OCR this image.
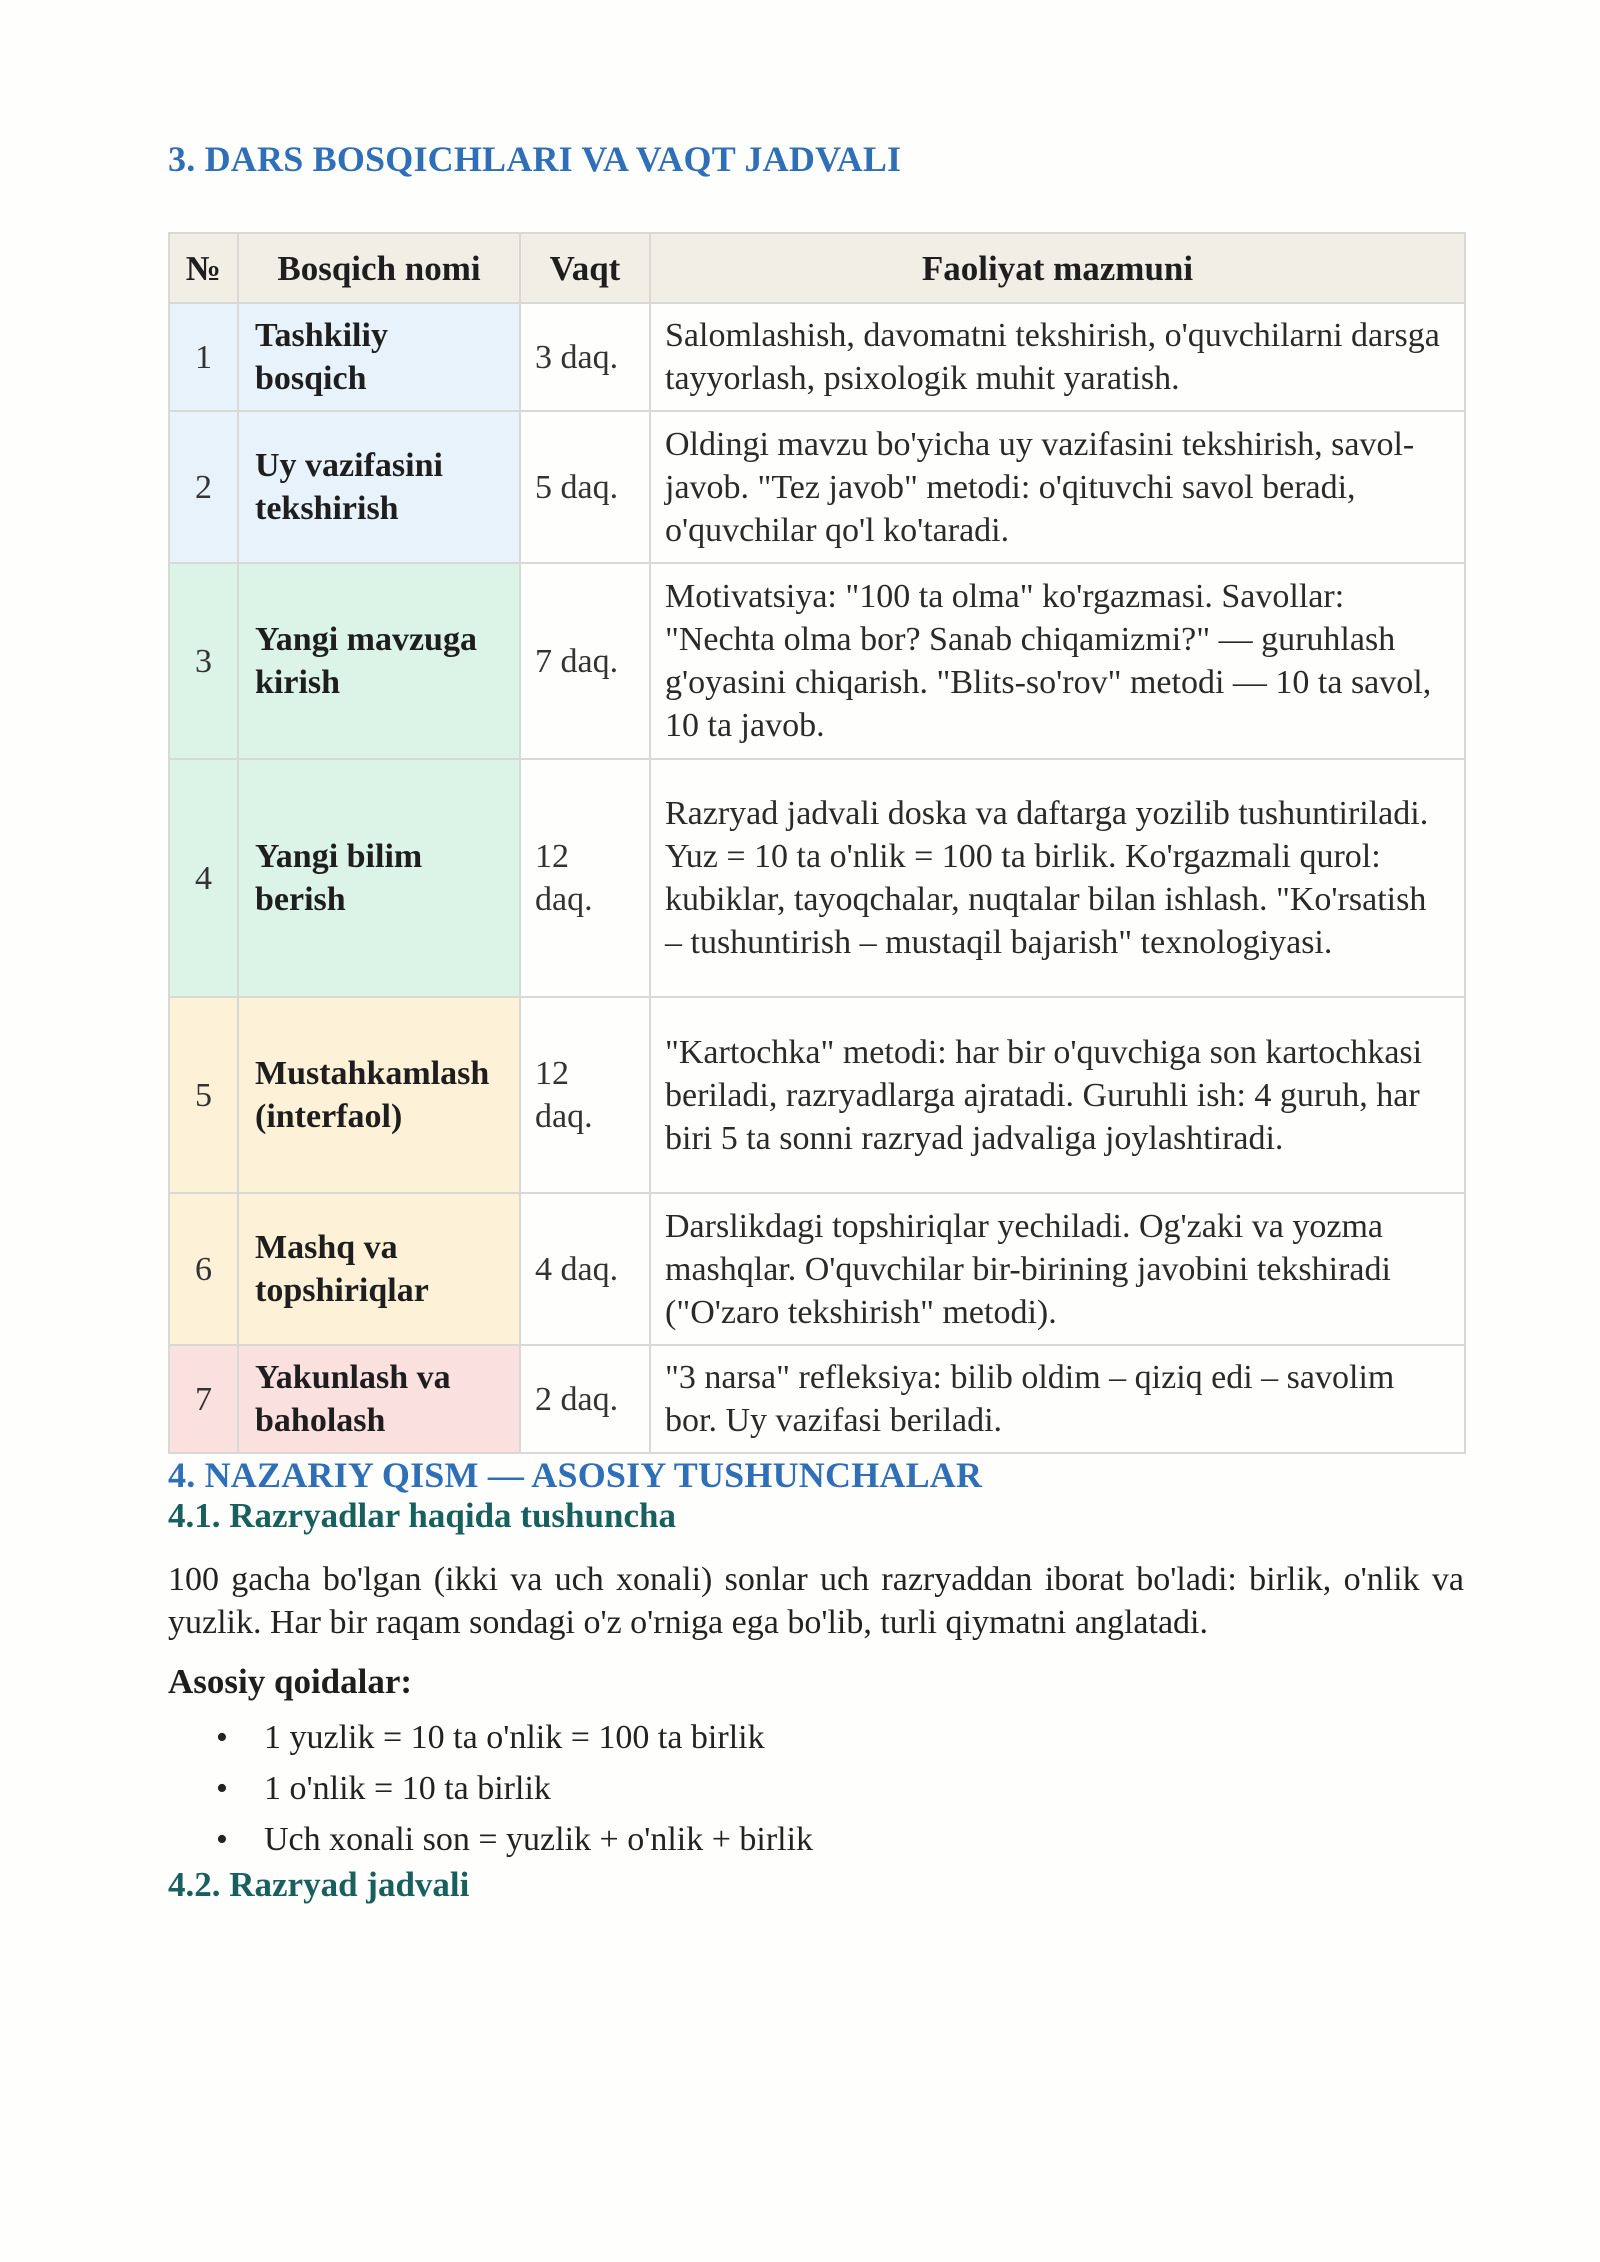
3. DARS BOSQICHLARI VA VAQT JADVALI
№	Bosqich nomi	Vaqt	Faoliyat mazmuni
1	Tashkiliy bosqich	3 daq.	Salomlashish, davomatni tekshirish, o'quvchilarni darsga tayyorlash, psixologik muhit yaratish.
2	Uy vazifasini tekshirish	5 daq.	Oldingi mavzu bo'yicha uy vazifasini tekshirish, savol-javob. "Tez javob" metodi: o'qituvchi savol beradi, o'quvchilar qo'l ko'taradi.
3	Yangi mavzuga kirish	7 daq.	Motivatsiya: "100 ta olma" ko'rgazmasi. Savollar: "Nechta olma bor? Sanab chiqamizmi?" — guruhlash g'oyasini chiqarish. "Blits-so'rov" metodi — 10 ta savol, 10 ta javob.
4	Yangi bilim berish	12 daq.	Razryad jadvali doska va daftarga yozilib tushuntiriladi. Yuz = 10 ta o'nlik = 100 ta birlik. Ko'rgazmali qurol: kubiklar, tayoqchalar, nuqtalar bilan ishlash. "Ko'rsatish – tushuntirish – mustaqil bajarish" texnologiyasi.
5	Mustahkamlash (interfaol)	12 daq.	"Kartochka" metodi: har bir o'quvchiga son kartochkasi beriladi, razryadlarga ajratadi. Guruhli ish: 4 guruh, har biri 5 ta sonni razryad jadvaliga joylashtiradi.
6	Mashq va topshiriqlar	4 daq.	Darslikdagi topshiriqlar yechiladi. Og'zaki va yozma mashqlar. O'quvchilar bir-birining javobini tekshiradi ("O'zaro tekshirish" metodi).
7	Yakunlash va baholash	2 daq.	"3 narsa" refleksiya: bilib oldim – qiziq edi – savolim bor. Uy vazifasi beriladi.
4. NAZARIY QISM — ASOSIY TUSHUNCHALAR
4.1. Razryadlar haqida tushuncha

100 gacha bo'lgan (ikki va uch xonali) sonlar uch razryaddan iborat bo'ladi: birlik, o'nlik va yuzlik. Har bir raqam sondagi o'z o'rniga ega bo'lib, turli qiymatni anglatadi.

Asosiy qoidalar:
• 1 yuzlik = 10 ta o'nlik = 100 ta birlik
• 1 o'nlik = 10 ta birlik
• Uch xonali son = yuzlik + o'nlik + birlik
4.2. Razryad jadvali
